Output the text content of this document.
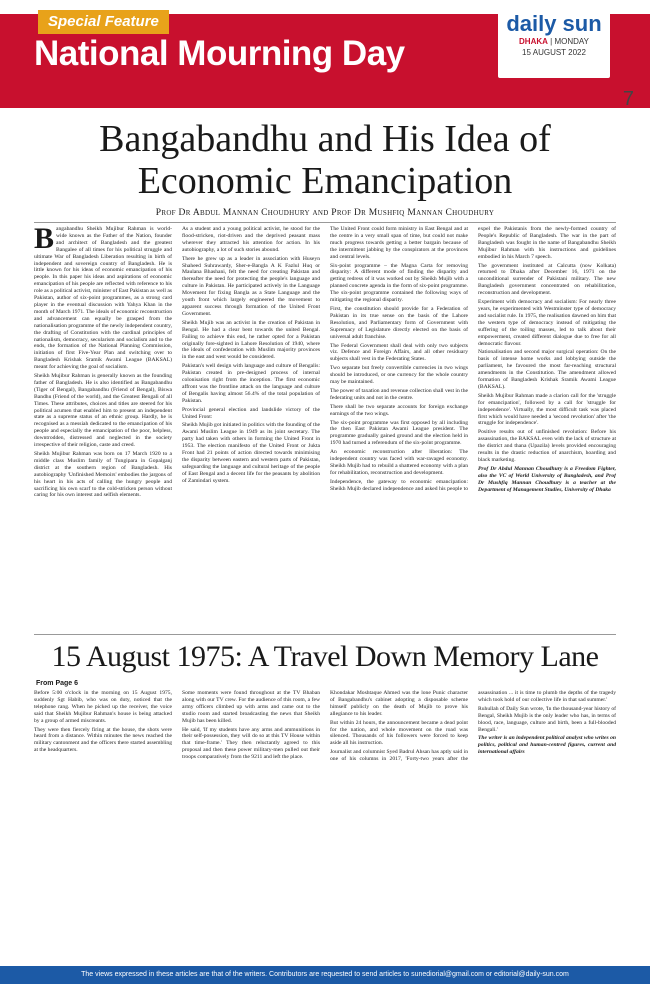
Special Feature
National Mourning Day
daily sun
DHAKA | MONDAY
15 AUGUST 2022
7
Bangabandhu and His Idea of
Economic Emancipation
Prof Dr Abdul Mannan Choudhury and Prof Dr Mushfiq Mannan Choudhury
B angabandhu Sheikh Mujibur Rahman is world-wide known as the Father of the Nation, founder and architect of Bangladesh and the greatest Bangalee of all times for his political struggle and ultimate War of Bangladesh Liberation resulting in birth of independent and sovereign country of Bangladesh. He is little known for his ideas of economic emancipation of his people. In this paper his ideas and aspirations of economic emancipation of his people are reflected with reference to his role as a political activist, minister of East Pakistan as well as Pakistan, author of six-point programmes, as a strong card player in the eventual discussion with Yahya Khan in the month of March 1971. The ideals of economic reconstruction and advancement can equally be grasped from the nationalisation programme of the newly independent country, the drafting of Constitution with the cardinal principles of nationalism, democracy, secularism and socialism and to the ends, the formation of the National Planning Commission, initiation of first Five-Year Plan and switching over to Bangladesh Krishak Sramik Awami League (BAKSAL) meant for achieving the goal of socialism.

Sheikh Mujibur Rahman is generally known as the founding father of Bangladesh. He is also identified as Bangabandhu (Tiger of Bengal), Bangabandhu (Friend of Bengal), Biswa Bandhu (Friend of the world), and the Greatest Bengali of all Times. These attributes, choices and titles are steered for his political acumen that enabled him to present an independent state as a supreme status of an ethnic group. Hardly, he is recognised as a messiah dedicated to the emancipation of his people and especially the emancipation of the poor, helpless, downtrodden, distressed and neglected in the society irrespective of their religion, caste and creed.

Sheikh Mujibur Rahman was born on 17 March 1920 to a middle class Muslim family of Tungipara in Gopalganj district at the southern region of Bangladesh. His autobiography 'Unfinished Memoirs' embodies the jargons of his heart in his acts of calling the hungry people and sacrificing his own scarf to the cold-stricken person without caring for his own interest and selfish elements.

As a student and a young political activist, he stood for the flood-stricken, riot-driven and the deprived peasant mass wherever they attracted his attention for action. In his autobiography, a lot of such stories abound.

There he grew up as a leader in association with Huseyn Shaheed Suhrawardy, Sher-e-Bangla A K Fazlul Huq or Maulana Bhashani, felt the need for creating Pakistan and thereafter the need for protecting the people's language and culture in Pakistan. He participated actively in the Language Movement for fixing Bangla as a State Language and the youth front which largely engineered the movement to apparent success through formation of the United Front Government.

Sheikh Mujib was an activist in the creation of Pakistan in Bengal. He had a clear bent towards the united Bengal. Failing to achieve this end, he rather opted for a Pakistan originally fore-sighted in Lahore Resolution of 1940, where the ideals of confederation with Muslim majority provinces in the east and west would be considered.

Pakistan's well design with language and culture of Bengalis: Pakistan created in pre-designed process of internal colonisation right from the inception. The first economic affront was the frontline attack on the language and culture of Bengalis having almost 56.4% of the total population of Pakistan.

Provincial general election and landslide victory of the United Front:

Sheikh Mujib got initiated in politics with the founding of the Awami Muslim League in 1949 as its joint secretary. The party had taken with others in forming the United Front in 1953. The election manifesto of the United Front or Jukta Front had 21 points of action directed towards minimising the disparity between eastern and western parts of Pakistan, safeguarding the language and cultural heritage of the people of East Bengal and a decent life for the peasants by abolition of Zamindari system.

The United Front could form ministry in East Bengal and at the centre in a very small span of time, but could not make much progress towards getting a better bargain because of the intermittent jabbing by the conspirators at the provinces and central levels.

Six-point programme – the Magna Carta for removing disparity: A different mode of finding the disparity and getting redress of it was worked out by Sheikh Mujib with a planned concrete agenda in the form of six-point programme. The six-point programme contained the following ways of mitigating the regional disparity.

First, the constitution should provide for a Federation of Pakistan in its true sense on the basis of the Lahore Resolution, and Parliamentary form of Government with Supremacy of Legislature directly elected on the basis of universal adult franchise.

The Federal Government shall deal with only two subjects viz. Defence and Foreign Affairs, and all other residuary subjects shall vest in the Federating States.

Two separate but freely convertible currencies in two wings should be introduced, or one currency for the whole country may be maintained.

The power of taxation and revenue collection shall vest in the federating units and not in the centre.

There shall be two separate accounts for foreign exchange earnings of the two wings.

The six-point programme was first opposed by all including the then East Pakistan Awami League president. The programme gradually gained ground and the election held in 1970 had turned a referendum of the six-point programme.

An economic reconstruction after liberation: The independent country was faced with war-ravaged economy. Sheikh Mujib had to rebuild a shattered economy with a plan for rehabilitation, reconstruction and development.

Independence, the gateway to economic emancipation: Sheikh Mujib declared independence and asked his people to expel the Pakistanis from the newly-formed country of People's Republic of Bangladesh. The war in the part of Bangladesh was fought in the name of Bangabandhu Sheikh Mujibur Rahman with his instructions and guidelines embodied in his March 7 speech.

The government instituted at Calcutta (now Kolkata) returned to Dhaka after December 16, 1971 on the unconditional surrender of Pakistani military. The new Bangladesh government concentrated on rehabilitation, reconstruction and development.

Experiment with democracy and socialism: For nearly three years, he experimented with Westminster type of democracy and socialist rule. In 1975, the realisation dawned on him that the western type of democracy instead of mitigating the suffering of the toiling masses, led to talk about their empowerment, created different dialogue due to free for all democratic flavour.

Nationalisation and second major surgical operation: On the basis of intense home works and lobbying outside the parliament, he favoured the most far-reaching structural amendments in the Constitution. The amendment allowed formation of Bangladesh Krishak Sramik Awami League (BAKSAL).

Sheikh Mujibur Rahman made a clarion call for the 'struggle for emancipation', followed by a call for 'struggle for independence'. Virtually, the most difficult task was placed first which would have needed a 'second revolution' after 'the struggle for independence'.

Positive results out of unfinished revolution: Before his assassination, the BAKSAL even with the lack of structure at the district and thana (Upazila) levels provided encouraging results in the drastic reduction of anarchism, hoarding and black marketing.

Prof Dr Abdul Mannan Choudhury is a Freedom Fighter, also the VC of World University of Bangladesh, and Prof Dr Mushfiq Mannan Choudhury is a teacher at the Department of Management Studies, University of Dhaka

15 August 1975: A Travel Down Memory Lane
From Page 6

Before 5:00 o'clock in the morning on 15 August 1975, suddenly Sgt Habib, who was on duty, noticed that the telephone rang. When he picked up the receiver, the voice said that Sheikh Mujibur Rahman's house is being attacked by a group of armed miscreants.

They were then fiercely firing at the house, the shots were heard from a distance. Within minutes the news reached the military cantonment and the officers there started assembling at the headquarters.

Some moments were found throughout at the TV Bhaban along with our TV crew. For the audience of this room, a few army officers climbed up with arms and came out to the studio room and started broadcasting the news that Sheikh Mujib has been killed.

He said, 'If my students have any arms and ammunitions in their self-possession, they will do so at this TV House within that time-frame.' They then reluctantly agreed to this proposal and then these power military-men pulled out their troops comparatively from the 9211 and left the place.

Khondakar Moshtaque Ahmed was the lone Punic character of Bangabandhu's cabinet adopting a disposable scheme himself publicly on the death of Mujib to prove his allegiance to his leader.

But within 24 hours, the announcement became a dead point for the nation, and whole movement on the road was silenced. Thousands of his followers were forced to keep aside all his instruction.

Journalist and columnist Syed Badrul Ahsan has aptly said in one of his columns in 2017, 'Forty-two years after the assassination ... it is time to plumb the depths of the tragedy which took hold of our collective life in that sad summer.'

Ruhullah of Daily Sun wrote, 'In the thousand-year history of Bengal, Sheikh Mujib is the only leader who has, in terms of blood, race, language, culture and birth, been a full-blooded Bengali.'

The writer is an independent political analyst who writes on politics, political and human-centred figures, current and international affairs

The views expressed in these articles are that of the writers. Contributors are requested to send articles to sunediorial@gmail.com or editorial@daily-sun.com
